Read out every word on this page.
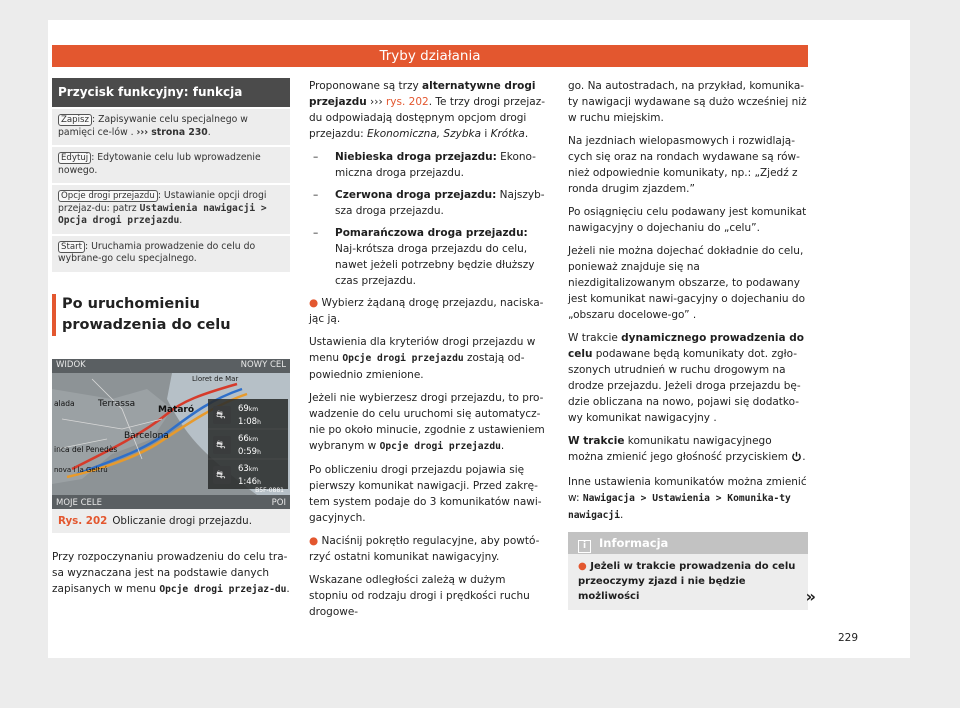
Tryby działania
Przycisk funkcyjny: funkcja
Zapisz : Zapisywanie celu specjalnego w pamięci ce-lów . ››› strona 230.
Edytuj : Edytowanie celu lub wprowadzenie nowego.
Opcje drogi przejazdu : Ustawianie opcji drogi przejaz-du: patrz Ustawienia nawigacji > Opcja drogi przejazdu.
Start : Uruchamia prowadzenie do celu do wybrane-go celu specjalnego.
Po uruchomieniu prowadzenia do celu
WIDOK	NOWY CEL
MOJE CELE	POI
B5F-0881
Lloret de Mar
Terrassa
Mataró
Barcelona
alada
inca del Penedès
nova i la Geltrú
⛐
⛐
⛐
69km
1:08h
66km
0:59h
63km
1:46h
Rys. 202 Obliczanie drogi przejazdu.

Przy rozpoczynaniu prowadzeniu do celu tra-sa wyznaczana jest na podstawie danych zapisanych w menu Opcje drogi przejaz-du.

Proponowane są trzy alternatywne drogi przejazdu ››› rys. 202. Te trzy drogi przejaz-du odpowiadają dostępnym opcjom drogi przejazdu: Ekonomiczna, Szybka i Krótka.

– Niebieska droga przejazdu: Ekono-miczna droga przejazdu.
– Czerwona droga przejazdu: Najszyb-sza droga przejazdu.
– Pomarańczowa droga przejazdu: Naj-krótsza droga przejazdu do celu, nawet jeżeli potrzebny będzie dłuższy czas przejazdu.

● Wybierz żądaną drogę przejazdu, naciska-jąc ją.

Ustawienia dla kryteriów drogi przejazdu w menu Opcje drogi przejazdu zostają od-powiednio zmienione.

Jeżeli nie wybierzesz drogi przejazdu, to pro-wadzenie do celu uruchomi się automatycz-nie po około minucie, zgodnie z ustawieniem wybranym w Opcje drogi przejazdu.

Po obliczeniu drogi przejazdu pojawia się pierwszy komunikat nawigacji. Przed zakrę-tem system podaje do 3 komunikatów nawi-gacyjnych.

● Naciśnij pokrętło regulacyjne, aby powtó-rzyć ostatni komunikat nawigacyjny.

Wskazane odległości zależą w dużym stopniu od rodzaju drogi i prędkości ruchu drogowe-

go. Na autostradach, na przykład, komunika-ty nawigacji wydawane są dużo wcześniej niż w ruchu miejskim.

Na jezdniach wielopasmowych i rozwidlają-cych się oraz na rondach wydawane są rów-nież odpowiednie komunikaty, np.: „Zjedź z ronda drugim zjazdem.”

Po osiągnięciu celu podawany jest komunikat nawigacyjny o dojechaniu do „celu”.

Jeżeli nie można dojechać dokładnie do celu, ponieważ znajduje się na niezdigitalizowanym obszarze, to podawany jest komunikat nawi-gacyjny o dojechaniu do „obszaru docelowe-go” .

W trakcie dynamicznego prowadzenia do celu podawane będą komunikaty dot. zgło-szonych utrudnień w ruchu drogowym na drodze przejazdu. Jeżeli droga przejazdu bę-dzie obliczana na nowo, pojawi się dodatko-wy komunikat nawigacyjny .

W trakcie komunikatu nawigacyjnego można zmienić jego głośność przyciskiem .

Inne ustawienia komunikatów można zmienić w: Nawigacja > Ustawienia > Komunika-ty nawigacji.

i Informacja
● Jeżeli w trakcie prowadzenia do celu przeoczymy zjazd i nie będzie możliwości	»
229
